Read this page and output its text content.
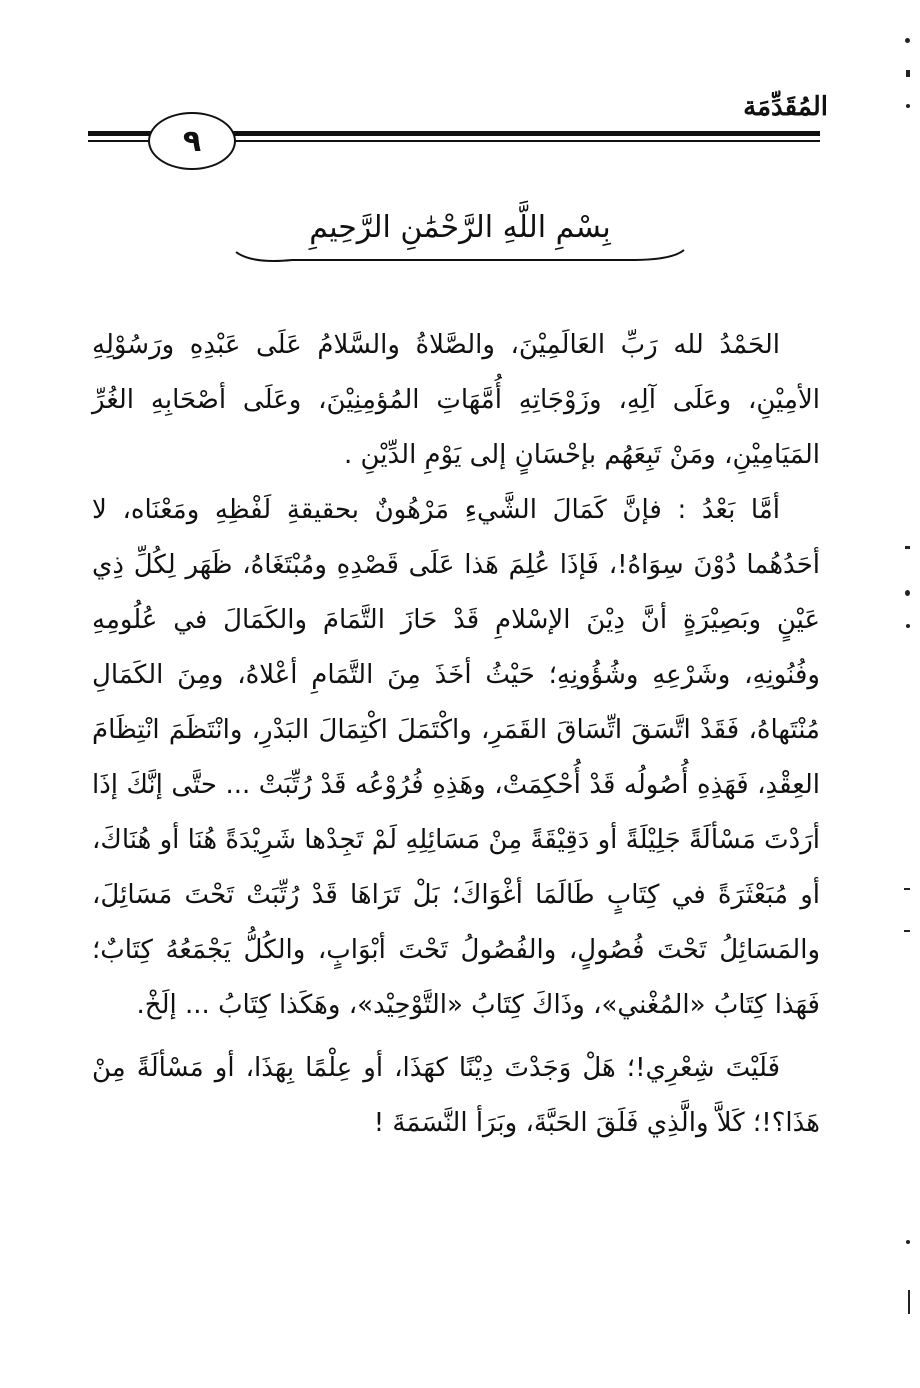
المُقَدِّمَة
٩
بِسْمِ اللَّهِ الرَّحْمَٰنِ الرَّحِيمِ

الحَمْدُ لله رَبِّ العَالَمِيْنَ، والصَّلاةُ والسَّلامُ عَلَى عَبْدِهِ ورَسُوْلِهِ الأمِيْنِ، وعَلَى آلِهِ، وزَوْجَاتِهِ أُمَّهَاتِ المُؤمِنِيْنَ، وعَلَى أصْحَابِهِ الغُرِّ المَيَامِيْنِ، ومَنْ تَبِعَهُم بإحْسَانٍ إلى يَوْمِ الدِّيْنِ .

أمَّا بَعْدُ : فإنَّ كَمَالَ الشَّيءِ مَرْهُونٌ بحقيقةِ لَفْظِهِ ومَعْنَاه، لا أحَدُهُما دُوْنَ سِوَاهُ!، فَإذَا عُلِمَ هَذا عَلَى قَصْدِهِ ومُبْتَغَاهُ، ظَهَر لِكُلِّ ذِي عَيْنٍ وبَصِيْرَةٍ أنَّ دِيْنَ الإسْلامِ قَدْ حَازَ التَّمَامَ والكَمَالَ في عُلُومِهِ وفُنُونِهِ، وشَرْعِهِ وشُؤُونِهِ؛ حَيْثُ أخَذَ مِنَ التَّمَامِ أعْلاهُ، ومِنَ الكَمَالِ مُنْتَهاهُ، فَقَدْ اتَّسَقَ اتِّسَاقَ القَمَرِ، واكْتَمَلَ اكْتِمَالَ البَدْرِ، وانْتَظَمَ انْتِظَامَ العِقْدِ، فَهَذِهِ أُصُولُه قَدْ أُحْكِمَتْ، وهَذِهِ فُرُوْعُه قَدْ رُتِّبَتْ ... حتَّى إنَّكَ إذَا أرَدْتَ مَسْألَةً جَلِيْلَةً أو دَقِيْقَةً مِنْ مَسَائِلِهِ لَمْ تَجِدْها شَرِيْدَةً هُنَا أو هُنَاكَ، أو مُبَعْثَرَةً في كِتَابٍ طَالَمَا أغْوَاكَ؛ بَلْ تَرَاهَا قَدْ رُتِّبَتْ تَحْتَ مَسَائِلَ، والمَسَائِلُ تَحْتَ فُصُولٍ، والفُصُولُ تَحْتَ أبْوَابٍ، والكُلُّ يَجْمَعُهُ كِتَابٌ؛ فَهَذا كِتَابُ «المُغْني»، وذَاكَ كِتَابُ «التَّوْحِيْد»، وهَكَذا كِتَابُ ... إلَخْ.

فَلَيْتَ شِعْرِي!؛ هَلْ وَجَدْتَ دِيْنًا كهَذَا، أو عِلْمًا بِهَذَا، أو مَسْألَةً مِنْ هَذَا؟!؛ كَلاَّ والَّذِي فَلَقَ الحَبَّةَ، وبَرَأ النَّسَمَةَ !
